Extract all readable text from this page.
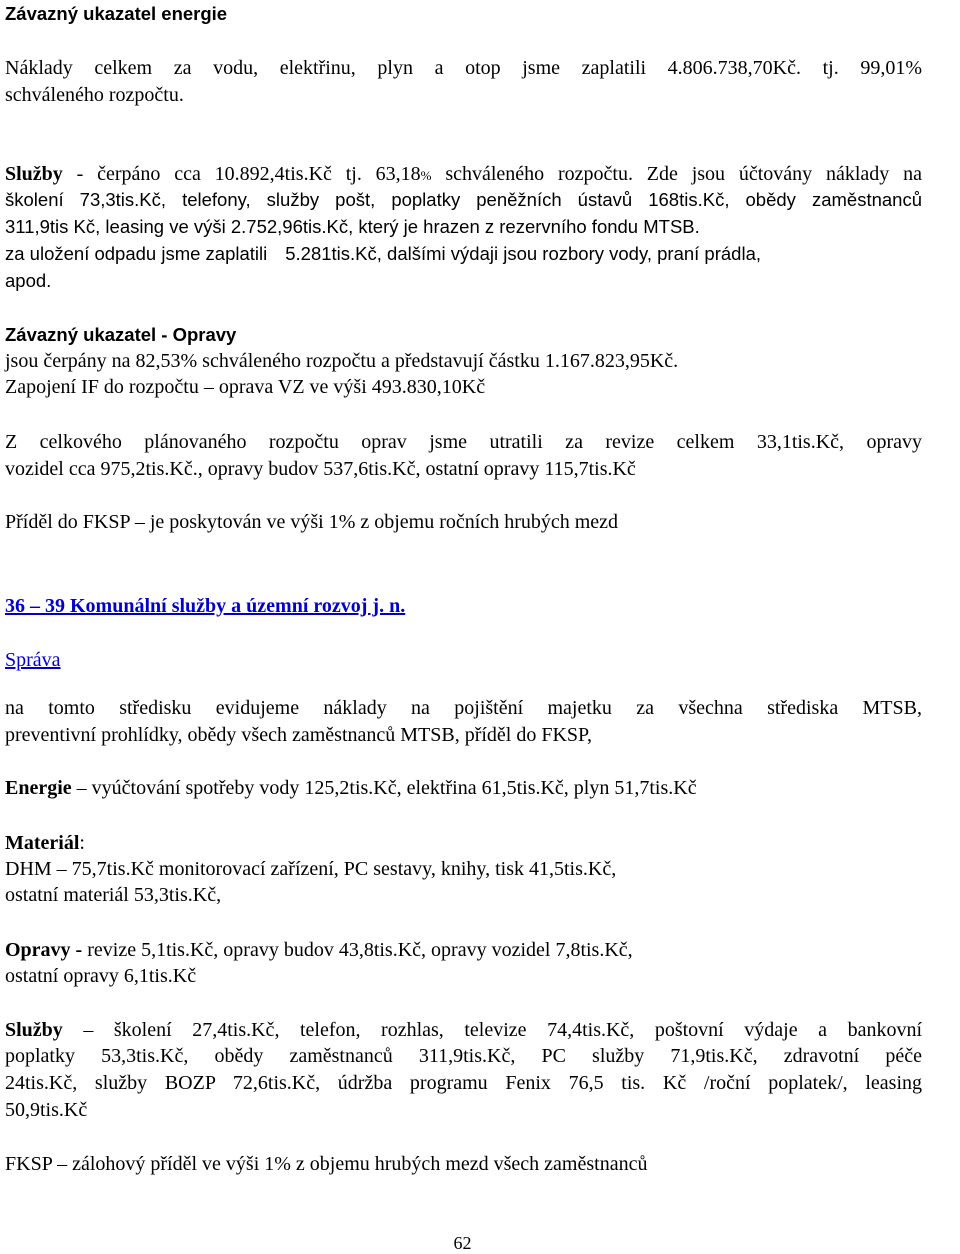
Závazný ukazatel energie
Náklady celkem za vodu, elektřinu, plyn a otop jsme zaplatili 4.806.738,70Kč. tj. 99,01%
schváleného rozpočtu.
Služby - čerpáno cca 10.892,4tis.Kč tj. 63,18% schváleného rozpočtu. Zde jsou účtovány náklady na
školení 73,3tis.Kč, telefony, služby pošt, poplatky peněžních ústavů 168tis.Kč, obědy zaměstnanců
311,9tis Kč, leasing ve výši 2.752,96tis.Kč, který je hrazen z rezervního fondu MTSB.
za uložení odpadu jsme zaplatili 5.281tis.Kč, dalšími výdaji jsou rozbory vody, praní prádla,
apod.
Závazný ukazatel - Opravy
jsou čerpány na 82,53% schváleného rozpočtu a představují částku 1.167.823,95Kč.
Zapojení IF do rozpočtu – oprava VZ ve výši 493.830,10Kč
Z celkového plánovaného rozpočtu oprav jsme utratili za revize celkem 33,1tis.Kč, opravy
vozidel cca 975,2tis.Kč., opravy budov 537,6tis.Kč, ostatní opravy 115,7tis.Kč
Příděl do FKSP – je poskytován ve výši 1% z objemu ročních hrubých mezd
36 – 39 Komunální služby a územní rozvoj j. n.
Správa
na tomto středisku evidujeme náklady na pojištění majetku za všechna střediska MTSB,
preventivní prohlídky, obědy všech zaměstnanců MTSB, příděl do FKSP,
Energie – vyúčtování spotřeby vody 125,2tis.Kč, elektřina 61,5tis.Kč, plyn 51,7tis.Kč
Materiál:
DHM – 75,7tis.Kč monitorovací zařízení, PC sestavy, knihy, tisk 41,5tis.Kč,
ostatní materiál 53,3tis.Kč,
Opravy - revize 5,1tis.Kč, opravy budov 43,8tis.Kč, opravy vozidel 7,8tis.Kč,
ostatní opravy 6,1tis.Kč
Služby – školení 27,4tis.Kč, telefon, rozhlas, televize 74,4tis.Kč, poštovní výdaje a bankovní
poplatky 53,3tis.Kč, obědy zaměstnanců 311,9tis.Kč, PC služby 71,9tis.Kč, zdravotní péče
24tis.Kč, služby BOZP 72,6tis.Kč, údržba programu Fenix 76,5 tis. Kč /roční poplatek/, leasing
50,9tis.Kč
FKSP – zálohový příděl ve výši 1% z objemu hrubých mezd všech zaměstnanců
62
